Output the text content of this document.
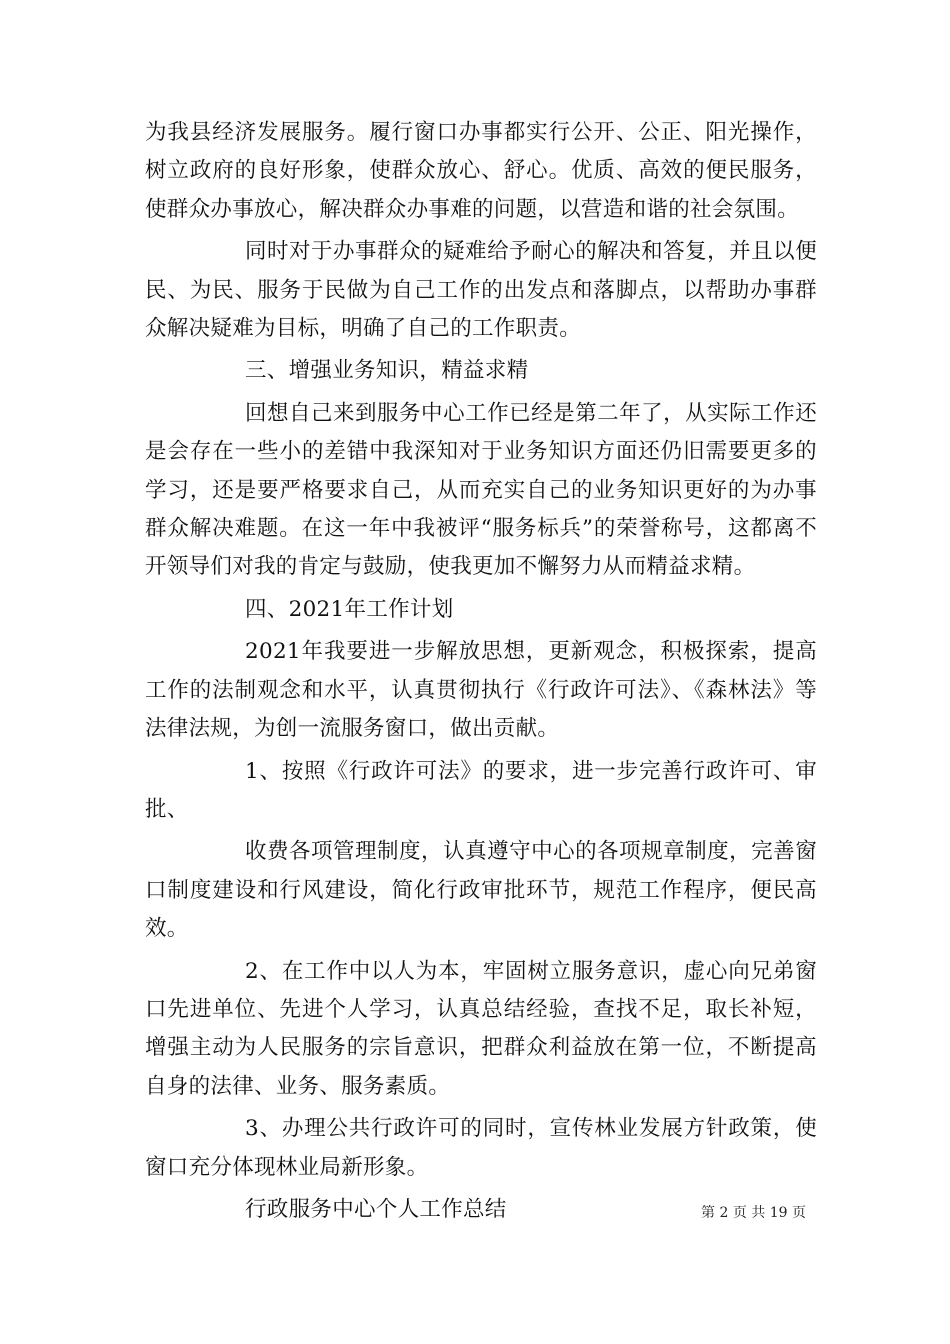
为我县经济发展服务。履行窗口办事都实行公开、公正、阳光操作，树立政府的良好形象，使群众放心、舒心。优质、高效的便民服务，使群众办事放心，解决群众办事难的问题，以营造和谐的社会氛围。

同时对于办事群众的疑难给予耐心的解决和答复，并且以便民、为民、服务于民做为自己工作的出发点和落脚点，以帮助办事群众解决疑难为目标，明确了自己的工作职责。

三、增强业务知识，精益求精

回想自己来到服务中心工作已经是第二年了，从实际工作还是会存在一些小的差错中我深知对于业务知识方面还仍旧需要更多的学习，还是要严格要求自己，从而充实自己的业务知识更好的为办事群众解决难题。在这一年中我被评“服务标兵”的荣誉称号，这都离不开领导们对我的肯定与鼓励，使我更加不懈努力从而精益求精。

四、2021年工作计划

2021年我要进一步解放思想，更新观念，积极探索，提高工作的法制观念和水平，认真贯彻执行《行政许可法》、《森林法》等法律法规，为创一流服务窗口，做出贡献。

1、按照《行政许可法》的要求，进一步完善行政许可、审批、

收费各项管理制度，认真遵守中心的各项规章制度，完善窗口制度建设和行风建设，简化行政审批环节，规范工作程序，便民高效。

2、在工作中以人为本，牢固树立服务意识，虚心向兄弟窗口先进单位、先进个人学习，认真总结经验，查找不足，取长补短，增强主动为人民服务的宗旨意识，把群众利益放在第一位，不断提高自身的法律、业务、服务素质。

3、办理公共行政许可的同时，宣传林业发展方针政策，使窗口充分体现林业局新形象。

行政服务中心个人工作总结	第 2 页 共 19 页
